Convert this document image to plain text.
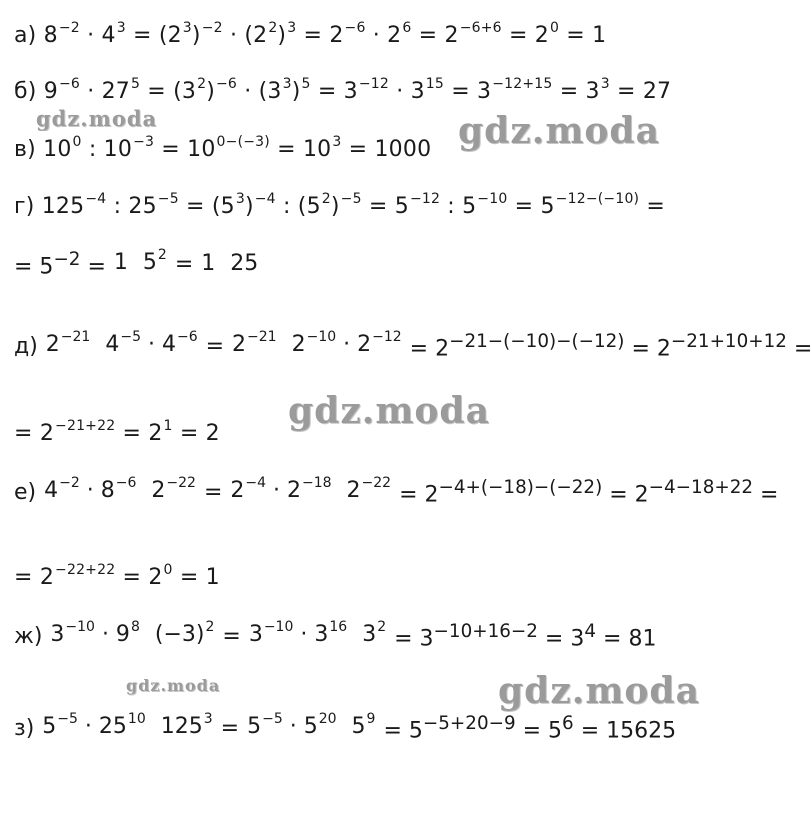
а) $8^{-2} \cdot 4^3 = (2^3)^{-2} \cdot (2^2)^3 = 2^{-6} \cdot 2^6 = 2^{-6+6} = 2^0 = 1$
б) $9^{-6} \cdot 27^5 = (3^2)^{-6} \cdot (3^3)^5 = 3^{-12} \cdot 3^{15} = 3^{-12+15} = 3^3 = 27$
в) $10^0$ : $10^{-3} = 10^{0-(-3)} = 10^3 = 1000$
г) $125^{-4}$ : $25^{-5} = (5^3)^{-4}$ : $(5^2)^{-5} = 5^{-12}$ : $5^{-10} = 5^{-12-(-10)}$ =
= $5^{-2} = 1$ $5^2 = 1$ 25
д) $2^{-21}$ $4^{-5} \cdot 4^{-6} = 2^{-21}$ $2^{-10} \cdot 2^{-12} = 2^{-21-(-10)-(-12)} = 2^{-21+10+12}$ =
= $2^{-21+22} = 2^1 = 2$
е) $4^{-2} \cdot 8^{-6}$ $2^{-22} = 2^{-4} \cdot 2^{-18}$ $2^{-22} = 2^{-4+(-18)-(-22)} = 2^{-4-18+22}$ =
= $2^{-22+22} = 2^0 = 1$
ж) $3^{-10} \cdot 9^8$ $(-3)^2 = 3^{-10} \cdot 3^{16}$ $3^2 = 3^{-10+16-2} = 3^4 = 81$
з) $5^{-5} \cdot 25^{10}$ $125^3 = 5^{-5} \cdot 5^{20}$ $5^9 = 5^{-5+20-9} = 5^6 = 15625$
gdz.moda	gdz.moda
gdz.moda
gdz.moda	gdz.moda
